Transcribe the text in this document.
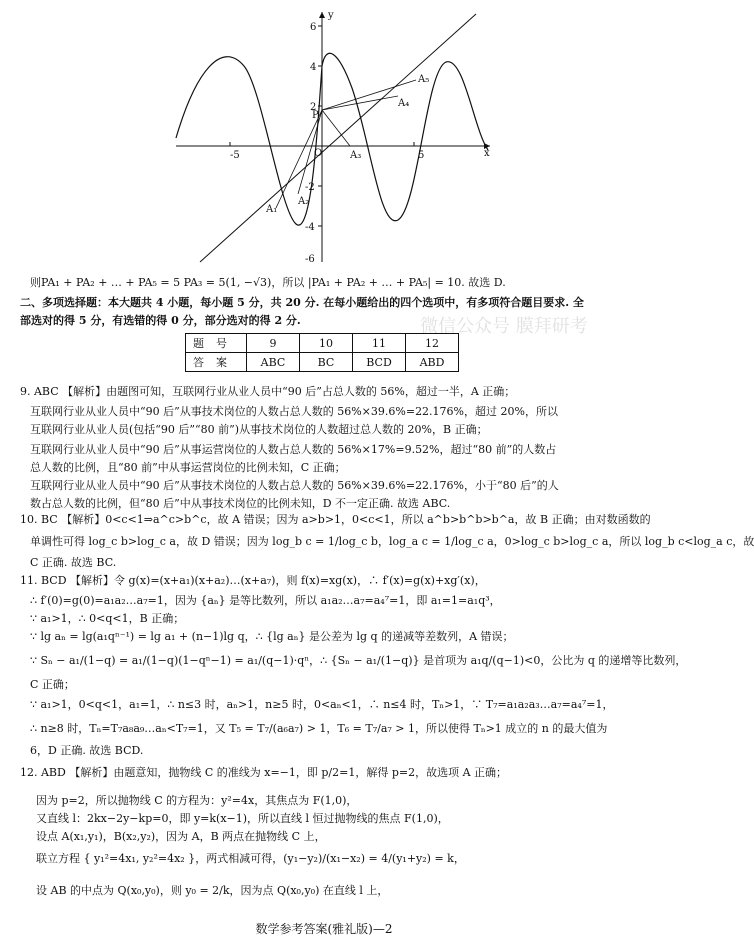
y
x
6
4
2
-2
-4
-6
-5	5
O
P
A₁
A₂
A₃
A₄
A₅
则PA₁ + PA₂ + … + PA₅ = 5 PA₃ = 5(1, −√3)，所以 |PA₁ + PA₂ + … + PA₅| = 10. 故选 D.
二、多项选择题：本大题共 4 小题，每小题 5 分，共 20 分. 在每小题给出的四个选项中，有多项符合题目要求. 全
部选对的得 5 分，有选错的得 0 分，部分选对的得 2 分.	微信公众号 膜拜研考
题号	9	10	11	12
答案	ABC	BC	BCD	ABD
9. ABC 【解析】由题图可知，互联网行业从业人员中“90 后”占总人数的 56%，超过一半，A 正确；
互联网行业从业人员中“90 后”从事技术岗位的人数占总人数的 56%×39.6%=22.176%，超过 20%，所以
互联网行业从业人员(包括“90 后”“80 前”)从事技术岗位的人数超过总人数的 20%，B 正确；
互联网行业从业人员中“90 后”从事运营岗位的人数占总人数的 56%×17%=9.52%，超过“80 前”的人数占
总人数的比例，且“80 前”中从事运营岗位的比例未知，C 正确；
互联网行业从业人员中“90 后”从事技术岗位的人数占总人数的 56%×39.6%=22.176%，小于“80 后”的人
数占总人数的比例，但“80 后”中从事技术岗位的比例未知，D 不一定正确. 故选 ABC.
10. BC 【解析】0<c<1⇒a^c>b^c，故 A 错误；因为 a>b>1，0<c<1，所以 a^b>b^b>b^a，故 B 正确；由对数函数的
单调性可得 log_c b>log_c a，故 D 错误；因为 log_b c = 1/log_c b，log_a c = 1/log_c a，0>log_c b>log_c a，所以 log_b c<log_a c，故
C 正确. 故选 BC.
11. BCD 【解析】令 g(x)=(x+a₁)(x+a₂)…(x+a₇)，则 f(x)=xg(x)，∴ f′(x)=g(x)+xg′(x)，
∴ f′(0)=g(0)=a₁a₂…a₇=1，因为 {aₙ} 是等比数列，所以 a₁a₂…a₇=a₄⁷=1，即 a₁=1=a₁q³，
∵ a₁>1，∴ 0<q<1，B 正确；
∵ lg aₙ = lg(a₁qⁿ⁻¹) = lg a₁ + (n−1)lg q，∴ {lg aₙ} 是公差为 lg q 的递减等差数列，A 错误；
∵ Sₙ − a₁/(1−q) = a₁/(1−q)(1−qⁿ−1) = a₁/(q−1)·qⁿ，∴ {Sₙ − a₁/(1−q)} 是首项为 a₁q/(q−1)<0，公比为 q 的递增等比数列，
C 正确；
∵ a₁>1，0<q<1，a₁=1，∴ n≤3 时，aₙ>1，n≥5 时，0<aₙ<1，∴ n≤4 时，Tₙ>1，∵ T₇=a₁a₂a₃…a₇=a₄⁷=1，
∴ n≥8 时，Tₙ=T₇a₈a₉…aₙ<T₇=1，又 T₅ = T₇/(a₆a₇) > 1，T₆ = T₇/a₇ > 1，所以使得 Tₙ>1 成立的 n 的最大值为
6，D 正确. 故选 BCD.
12. ABD 【解析】由题意知，抛物线 C 的准线为 x=−1，即 p/2=1，解得 p=2，故选项 A 正确；
因为 p=2，所以抛物线 C 的方程为：y²=4x，其焦点为 F(1,0)，
又直线 l：2kx−2y−kp=0，即 y=k(x−1)，所以直线 l 恒过抛物线的焦点 F(1,0)，
设点 A(x₁,y₁)，B(x₂,y₂)，因为 A，B 两点在抛物线 C 上，
联立方程 { y₁²=4x₁, y₂²=4x₂ }，两式相减可得，(y₁−y₂)/(x₁−x₂) = 4/(y₁+y₂) = k，
设 AB 的中点为 Q(x₀,y₀)，则 y₀ = 2/k，因为点 Q(x₀,y₀) 在直线 l 上，
数学参考答案(雅礼版)—2
